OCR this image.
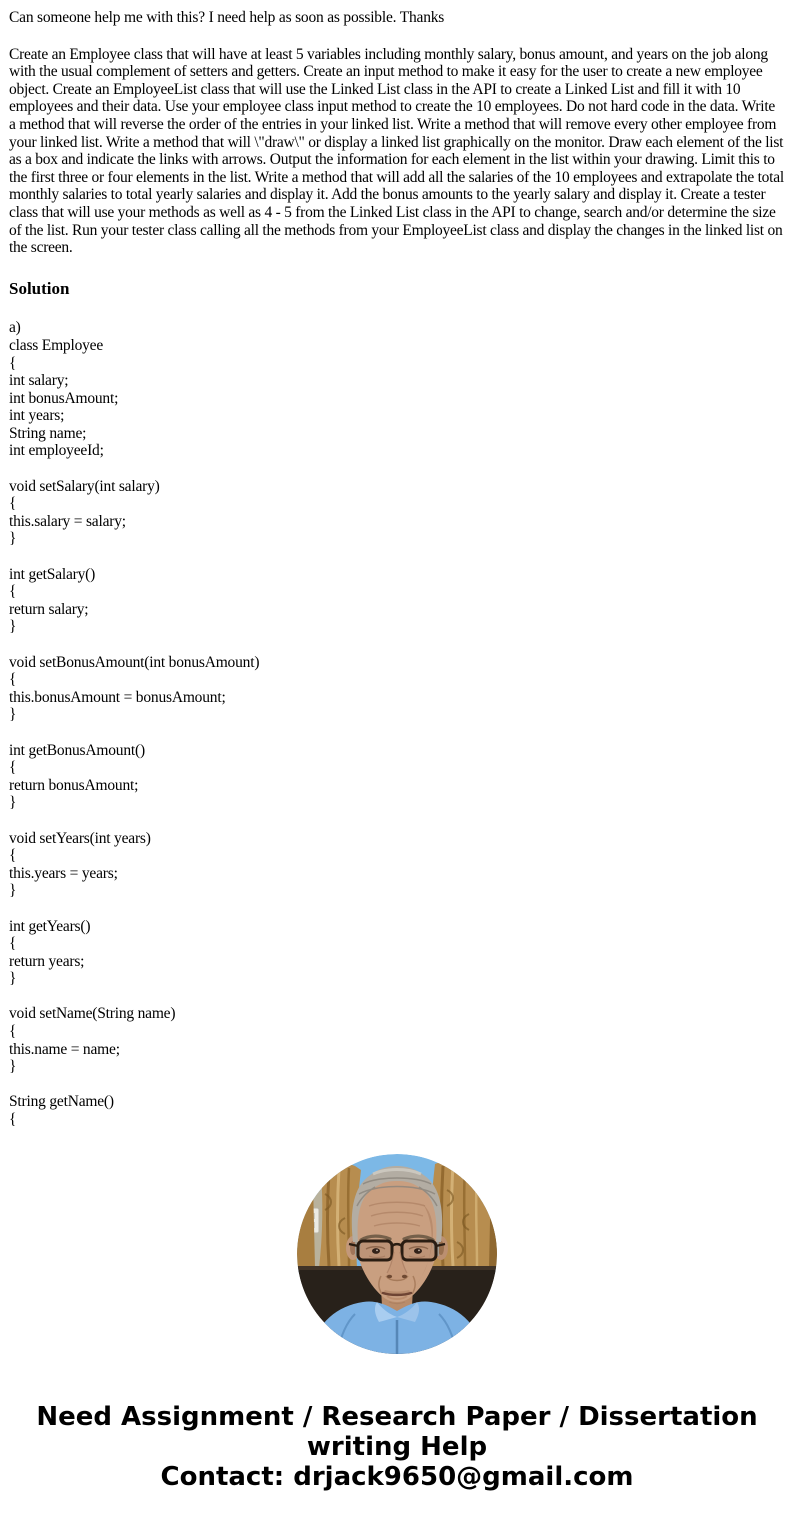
Can someone help me with this? I need help as soon as possible. Thanks

Create an Employee class that will have at least 5 variables including monthly salary, bonus amount, and years on the job along with the usual complement of setters and getters. Create an input method to make it easy for the user to create a new employee object. Create an EmployeeList class that will use the Linked List class in the API to create a Linked List and fill it with 10 employees and their data. Use your employee class input method to create the 10 employees. Do not hard code in the data. Write a method that will reverse the order of the entries in your linked list. Write a method that will remove every other employee from your linked list. Write a method that will \"draw\" or display a linked list graphically on the monitor. Draw each element of the list as a box and indicate the links with arrows. Output the information for each element in the list within your drawing. Limit this to the first three or four elements in the list. Write a method that will add all the salaries of the 10 employees and extrapolate the total monthly salaries to total yearly salaries and display it. Add the bonus amounts to the yearly salary and display it. Create a tester class that will use your methods as well as 4 - 5 from the Linked List class in the API to change, search and/or determine the size of the list. Run your tester class calling all the methods from your EmployeeList class and display the changes in the linked list on the screen.

Solution
a)
class Employee
{
int salary;
int bonusAmount;
int years;
String name;
int employeeId;
void setSalary(int salary)
{
this.salary = salary;
}
int getSalary()
{
return salary;
}
void setBonusAmount(int bonusAmount)
{
this.bonusAmount = bonusAmount;
}
int getBonusAmount()
{
return bonusAmount;
}
void setYears(int years)
{
this.years = years;
}
int getYears()
{
return years;
}
void setName(String name)
{
this.name = name;
}
String getName()
{
Need Assignment / Research Paper / Dissertation writing Help
Contact: drjack9650@gmail.com
